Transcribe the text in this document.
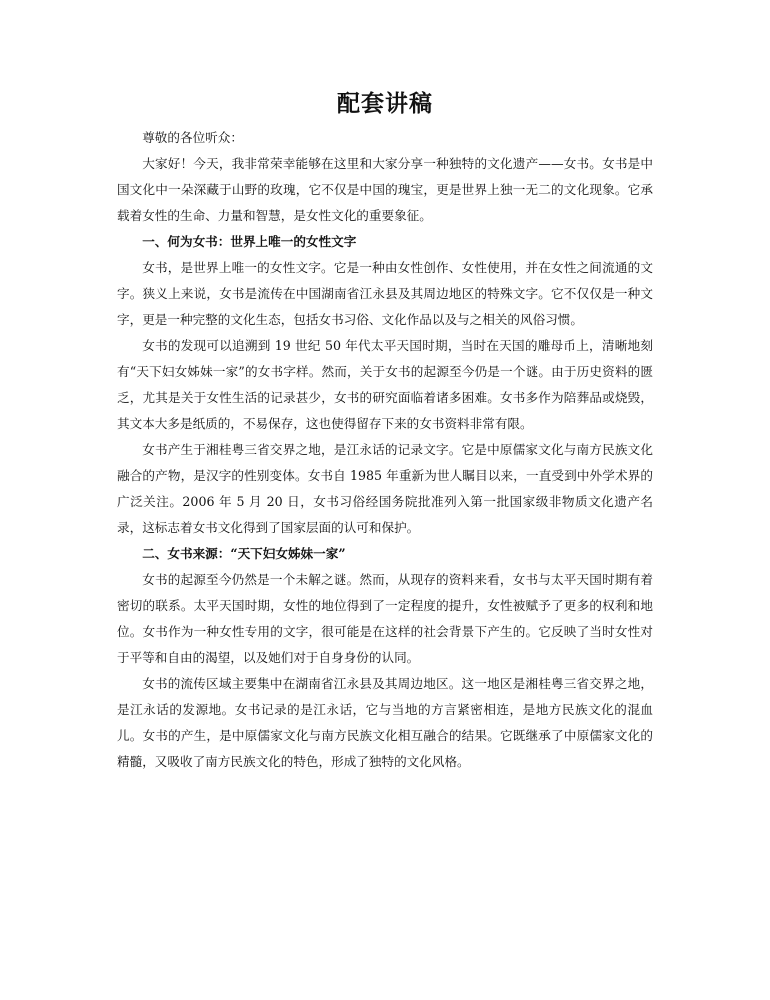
配套讲稿

尊敬的各位听众：

大家好！今天，我非常荣幸能够在这里和大家分享一种独特的文化遗产——女书。女书是中国文化中一朵深藏于山野的玫瑰，它不仅是中国的瑰宝，更是世界上独一无二的文化现象。它承载着女性的生命、力量和智慧，是女性文化的重要象征。

一、何为女书：世界上唯一的女性文字

女书，是世界上唯一的女性文字。它是一种由女性创作、女性使用，并在女性之间流通的文字。狭义上来说，女书是流传在中国湖南省江永县及其周边地区的特殊文字。它不仅仅是一种文字，更是一种完整的文化生态，包括女书习俗、文化作品以及与之相关的风俗习惯。

女书的发现可以追溯到 19 世纪 50 年代太平天国时期，当时在天国的雕母币上，清晰地刻有“天下妇女姊妹一家”的女书字样。然而，关于女书的起源至今仍是一个谜。由于历史资料的匮乏，尤其是关于女性生活的记录甚少，女书的研究面临着诸多困难。女书多作为陪葬品或烧毁，其文本大多是纸质的，不易保存，这也使得留存下来的女书资料非常有限。

女书产生于湘桂粤三省交界之地，是江永话的记录文字。它是中原儒家文化与南方民族文化融合的产物，是汉字的性别变体。女书自 1985 年重新为世人瞩目以来，一直受到中外学术界的广泛关注。2006 年 5 月 20 日，女书习俗经国务院批准列入第一批国家级非物质文化遗产名录，这标志着女书文化得到了国家层面的认可和保护。

二、女书来源：“天下妇女姊妹一家”

女书的起源至今仍然是一个未解之谜。然而，从现存的资料来看，女书与太平天国时期有着密切的联系。太平天国时期，女性的地位得到了一定程度的提升，女性被赋予了更多的权利和地位。女书作为一种女性专用的文字，很可能是在这样的社会背景下产生的。它反映了当时女性对于平等和自由的渴望，以及她们对于自身身份的认同。

女书的流传区域主要集中在湖南省江永县及其周边地区。这一地区是湘桂粤三省交界之地，是江永话的发源地。女书记录的是江永话，它与当地的方言紧密相连，是地方民族文化的混血儿。女书的产生，是中原儒家文化与南方民族文化相互融合的结果。它既继承了中原儒家文化的精髓，又吸收了南方民族文化的特色，形成了独特的文化风格。
